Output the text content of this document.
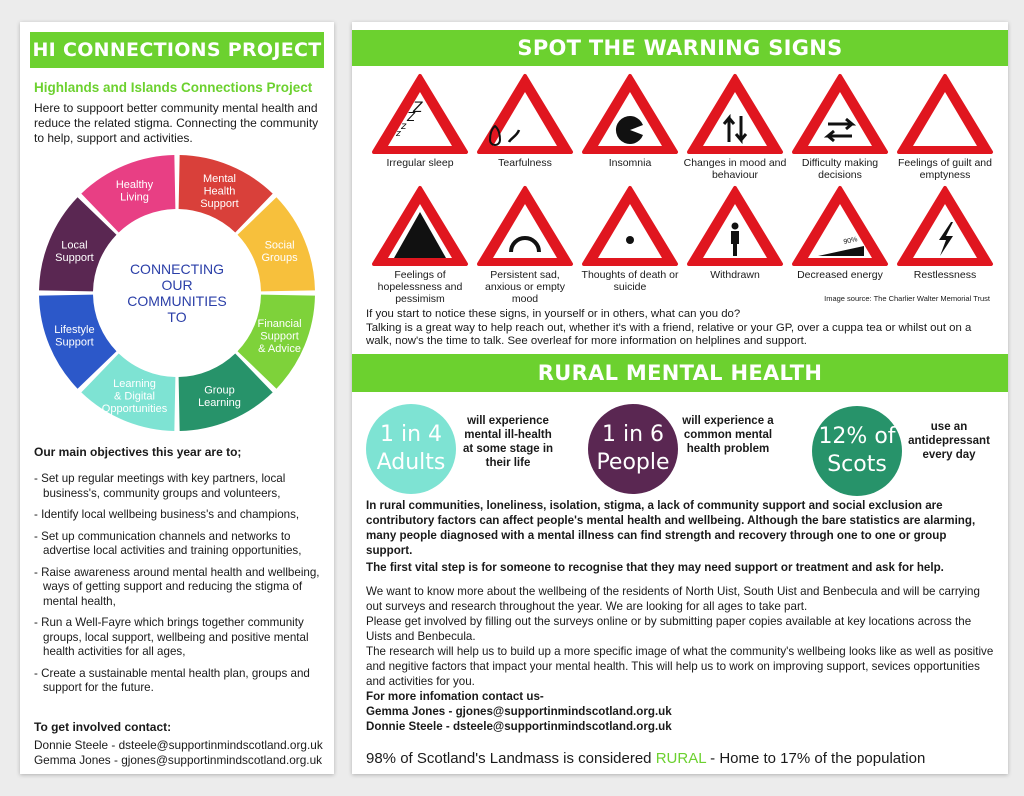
HI CONNECTIONS PROJECT
Highlands and Islands Connections Project
Here to suppoort better community mental health and reduce the related stigma. Connecting the community to help, support and activities.
Mental
Health
Support
Social
Groups
Financial
Support
& Advice
Group
Learning
Learning
& Digital
Opportunities
Lifestyle
Support
Local
Support
Healthy
Living
CONNECTING
OUR
COMMUNITIES
TO
Our main objectives this year are to;
- Set up regular meetings with key partners, local business's, community groups and volunteers,
- Identify local wellbeing business's and champions,
- Set up communication channels and networks to advertise local activities and training opportunities,
- Raise awareness around mental health and wellbeing, ways of getting support and reducing the stigma of mental health,
- Run a Well-Fayre which brings together community groups, local support, wellbeing and positive mental health activities for all ages,
- Create a sustainable mental health plan, groups and support for the future.
To get involved contact:
Donnie Steele - dsteele@supportinmindscotland.org.uk
Gemma Jones - gjones@supportinmindscotland.org.uk
SPOT THE WARNING SIGNS
z
z
Z
Z
Irregular sleep	Tearfulness	Insomnia	Changes in mood and behaviour
Difficulty making decisions
Feelings of guilt and emptyness
Feelings of hopelessness and pessimism
Persistent sad, anxious or empty mood
Thoughts of death or suicide
Withdrawn
90%
Decreased energy	Restlessness
Image source: The Charlier Walter Memorial Trust
If you start to notice these signs, in yourself or in others, what can you do?
Talking is a great way to help reach out, whether it's with a friend, relative or your GP, over a cuppa tea or whilst out on a walk, now's the time to talk. See overleaf for more information on helplines and support.
RURAL MENTAL HEALTH
1 in 4
Adults
will experience mental ill-health at some stage in their life
1 in 6
People
will experience a common mental health problem 12% of
Scots
use an antidepressant every day
In rural communities, loneliness, isolation, stigma, a lack of community support and social exclusion are contributory factors can affect people's mental health and wellbeing. Although the bare statistics are alarming, many people diagnosed with a mental illness can find strength and recovery through one to one or group support.
The first vital step is for someone to recognise that they may need support or treatment and ask for help.
We want to know more about the wellbeing of the residents of North Uist, South Uist and Benbecula and will be carrying out surveys and research throughout the year. We are looking for all ages to take part.
Please get involved by filling out the surveys online or by submitting paper copies available at key locations across the Uists and Benbecula.
The research will help us to build up a more specific image of what the community's wellbeing looks like as well as positive and negitive factors that impact your mental health. This will help us to work on improving support, sevices opportunities and activities for you.
For more infomation contact us-
Gemma Jones - gjones@supportinmindscotland.org.uk
Donnie Steele - dsteele@supportinmindscotland.org.uk
98% of Scotland's Landmass is considered RURAL - Home to 17% of the population
